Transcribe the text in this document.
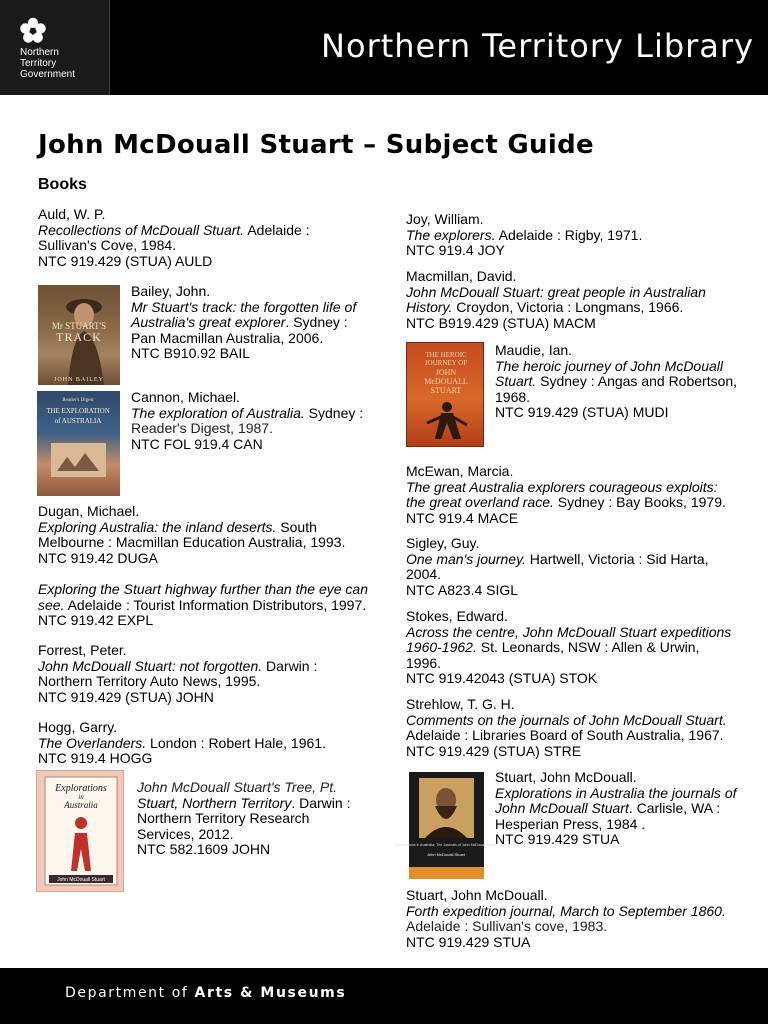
Northern
Territory
Government
Northern Territory Library
John McDouall Stuart – Subject Guide
Books
Auld, W. P.
Recollections of McDouall Stuart. Adelaide :
Sullivan's Cove, 1984.
NTC 919.429 (STUA) AULD
Mr STUART'S
TRACK
JOHN BAILEY
Bailey, John.
Mr Stuart's track: the forgotten life of
Australia's great explorer. Sydney :
Pan Macmillan Australia, 2006.
NTC B910.92 BAIL
Reader's Digest
THE EXPLORATION
of AUSTRALIA
Cannon, Michael.
The exploration of Australia. Sydney :
Reader's Digest, 1987.
NTC FOL 919.4 CAN
Dugan, Michael.
Exploring Australia: the inland deserts. South
Melbourne : Macmillan Education Australia, 1993.
NTC 919.42 DUGA
Exploring the Stuart highway further than the eye can
see. Adelaide : Tourist Information Distributors, 1997.
NTC 919.42 EXPL
Forrest, Peter.
John McDouall Stuart: not forgotten. Darwin :
Northern Territory Auto News, 1995.
NTC 919.429 (STUA) JOHN
Hogg, Garry.
The Overlanders. London : Robert Hale, 1961.
NTC 919.4 HOGG
Explorations
in
Australia
John McDouall Stuart
John McDouall Stuart's Tree, Pt.
Stuart, Northern Territory. Darwin :
Northern Territory Research
Services, 2012.
NTC 582.1609 JOHN
Joy, William.
The explorers. Adelaide : Rigby, 1971.
NTC 919.4 JOY
Macmillan, David.
John McDouall Stuart: great people in Australian
History. Croydon, Victoria : Longmans, 1966.
NTC B919.429 (STUA) MACM
THE HEROIC
JOURNEY OF
JOHN
McDOUALL
STUART
Maudie, Ian.
The heroic journey of John McDouall
Stuart. Sydney : Angas and Robertson,
1968.
NTC 919.429 (STUA) MUDI
McEwan, Marcia.
The great Australia explorers courageous exploits:
the great overland race. Sydney : Bay Books, 1979.
NTC 919.4 MACE
Sigley, Guy.
One man's journey. Hartwell, Victoria : Sid Harta,
2004.
NTC A823.4 SIGL
Stokes, Edward.
Across the centre, John McDouall Stuart expeditions
1960-1962. St. Leonards, NSW : Allen & Urwin,
1996.
NTC 919.42043 (STUA) STOK
Strehlow, T. G. H.
Comments on the journals of John McDouall Stuart.
Adelaide : Libraries Board of South Australia, 1967.
NTC 919.429 (STUA) STRE
Explorations in Australia: The Journals of John McDouall Stuart
John McDouall Stuart
Stuart, John McDouall.
Explorations in Australia the journals of
John McDouall Stuart. Carlisle, WA :
Hesperian Press, 1984 .
NTC 919.429 STUA
Stuart, John McDouall.
Forth expedition journal, March to September 1860.
Adelaide : Sullivan's cove, 1983.
NTC 919.429 STUA
Department of Arts & Museums
